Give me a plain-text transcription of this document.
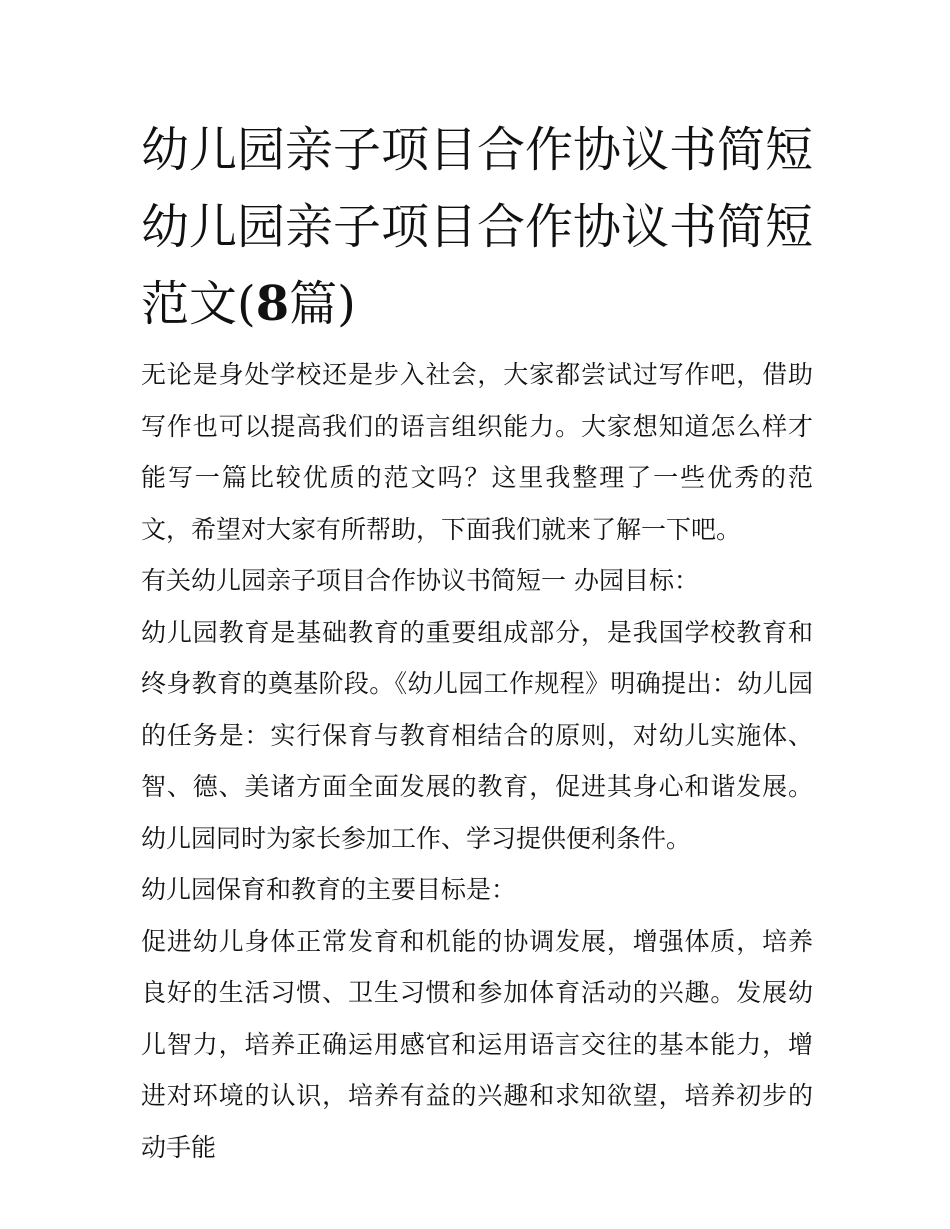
幼儿园亲子项目合作协议书简短 幼儿园亲子项目合作协议书简短范文(8篇)

无论是身处学校还是步入社会，大家都尝试过写作吧，借助写作也可以提高我们的语言组织能力。大家想知道怎么样才能写一篇比较优质的范文吗？这里我整理了一些优秀的范文，希望对大家有所帮助，下面我们就来了解一下吧。

有关幼儿园亲子项目合作协议书简短一 办园目标：

幼儿园教育是基础教育的重要组成部分，是我国学校教育和终身教育的奠基阶段。《幼儿园工作规程》明确提出：幼儿园的任务是：实行保育与教育相结合的原则，对幼儿实施体、智、德、美诸方面全面发展的教育，促进其身心和谐发展。幼儿园同时为家长参加工作、学习提供便利条件。

幼儿园保育和教育的主要目标是：

促进幼儿身体正常发育和机能的协调发展，增强体质，培养良好的生活习惯、卫生习惯和参加体育活动的兴趣。发展幼儿智力，培养正确运用感官和运用语言交往的基本能力，增进对环境的认识，培养有益的兴趣和求知欲望，培养初步的动手能
